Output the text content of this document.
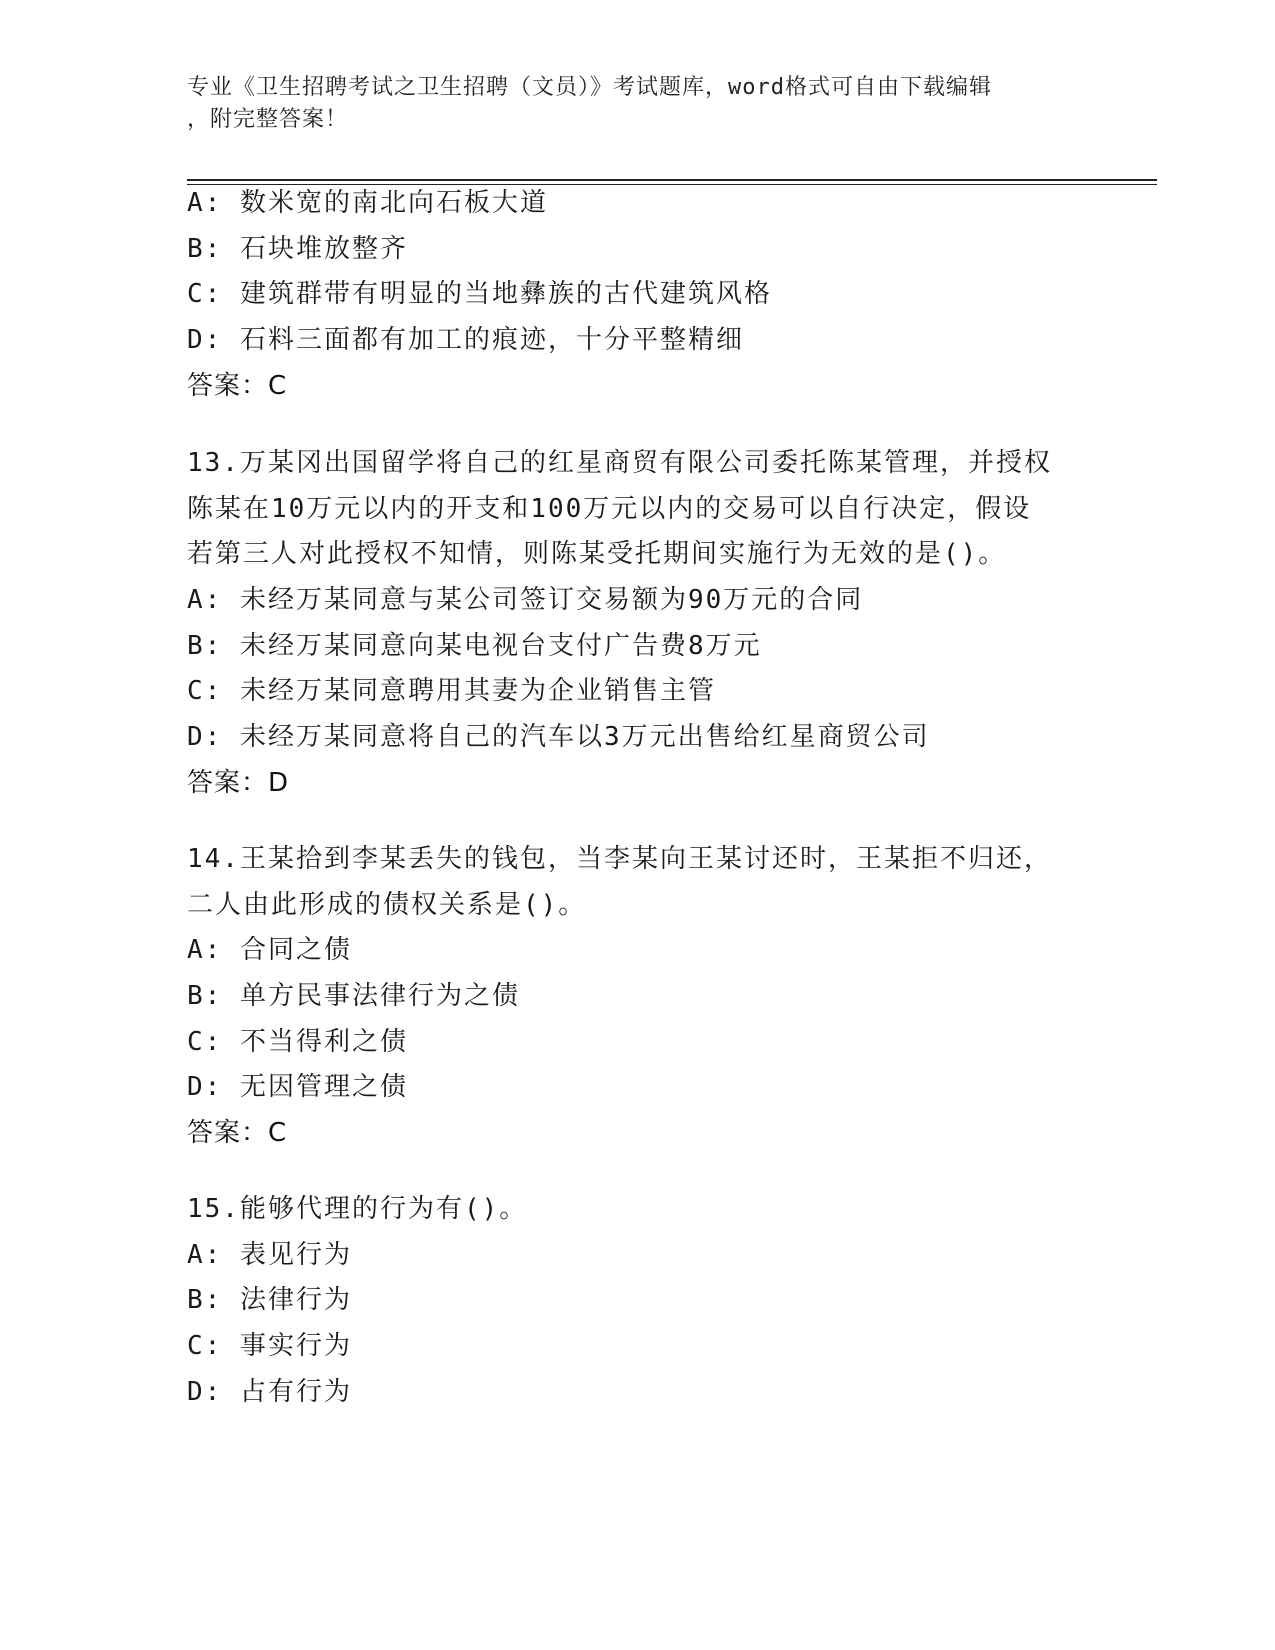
专业《卫生招聘考试之卫生招聘（文员）》考试题库，word格式可自由下载编辑
，附完整答案！
A: 数米宽的南北向石板大道
B: 石块堆放整齐
C: 建筑群带有明显的当地彝族的古代建筑风格
D: 石料三面都有加工的痕迹，十分平整精细
答案：C
13.万某冈出国留学将自己的红星商贸有限公司委托陈某管理，并授权
陈某在10万元以内的开支和100万元以内的交易可以自行决定，假设
若第三人对此授权不知情，则陈某受托期间实施行为无效的是()。
A: 未经万某同意与某公司签订交易额为90万元的合同
B: 未经万某同意向某电视台支付广告费8万元
C: 未经万某同意聘用其妻为企业销售主管
D: 未经万某同意将自己的汽车以3万元出售给红星商贸公司
答案：D
14.王某拾到李某丢失的钱包，当李某向王某讨还时，王某拒不归还，
二人由此形成的债权关系是()。
A: 合同之债
B: 单方民事法律行为之债
C: 不当得利之债
D: 无因管理之债
答案：C
15.能够代理的行为有()。
A: 表见行为
B: 法律行为
C: 事实行为
D: 占有行为
